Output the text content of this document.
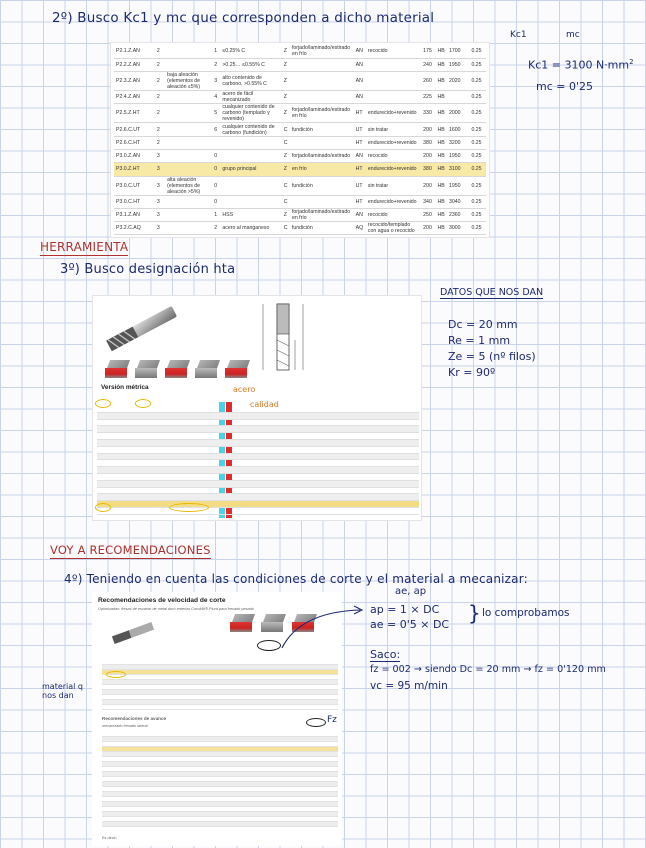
2º) Busco Kc1 y mc que corresponden a dicho material
Kc1	mc
P2.1.Z.AN	2		1	≤0.25% C	Z	forjado/laminado/estirado en frío	AN	recocido	175	HB	1700	0.25
P2.2.Z.AN	2		2	>0.25… ≤0.55% C	Z		AN		240	HB	1950	0.25
P2.3.Z.AN	2	baja aleación (elementos de aleación ≤5%)	3	alto contenido de carbono, >0.55% C	Z		AN		260	HB	2020	0.25
P2.4.Z.AN	2		4	acero de fácil mecanizado	Z		AN		225	HB		0.25
P2.5.Z.HT	2		5	cualquier contenido de carbono (templado y revenido)	Z	forjado/laminado/estirado en frío	HT	endurecido+revenido	330	HB	2000	0.25
P2.6.C.UT	2		6	cualquier contenido de carbono (fundición)	C	fundición	UT	sin tratar	200	HB	1600	0.25
P2.6.C.HT	2				C		HT	endurecido+revenido	380	HB	3200	0.25
P3.0.Z.AN	3		0		Z	forjado/laminado/estirado	AN	recocido	200	HB	1950	0.25
P3.0.Z.HT	3		0	grupo principal	Z	en frío	HT	endurecido+revenido	380	HB	3100	0.25
P3.0.C.UT	3	alta aleación (elementos de aleación >5%)	0		C	fundición	UT	sin tratar	200	HB	1950	0.25
P3.0.C.HT	3		0		C		HT	endurecido+revenido	340	HB	3040	0.25
P3.1.Z.AN	3		1	HSS	Z	forjado/laminado/estirado en frío	AN	recocido	250	HB	2360	0.25
P3.2.C.AQ	3		2	acero al manganeso	C	fundición	AQ	recocido/templado con agua o recocido	200	HB	3000	0.25

Kc1 = 3100 $N\cdot mm^2$
mc = 0'25
HERRAMIENTA
3º) Busco designación hta
Versión métrica	acero
calidad
DATOS QUE NOS DAN
Dc = 20 mm
Re = 1 mm
Ze = 5 (nº filos)
Kr = 90º
VOY A RECOMENDACIONES
4º) Teniendo en cuenta las condiciones de corte y el material a mecanizar:
ae, ap
Recomendaciones de velocidad de corte
Optimizadas: fresas de escariar de metal duro enterizo CoroMill® Plura para fresado pesado
Recomendaciones de avance
mecanizado fresado lateral
Es decir:
material q nos dan
Fz
ap = 1 × DC
ae = 0'5 × DC } lo comprobamos
Saco:
fz = 002 → siendo Dc = 20 mm → fz = 0'120 mm
vc = 95 m/min
